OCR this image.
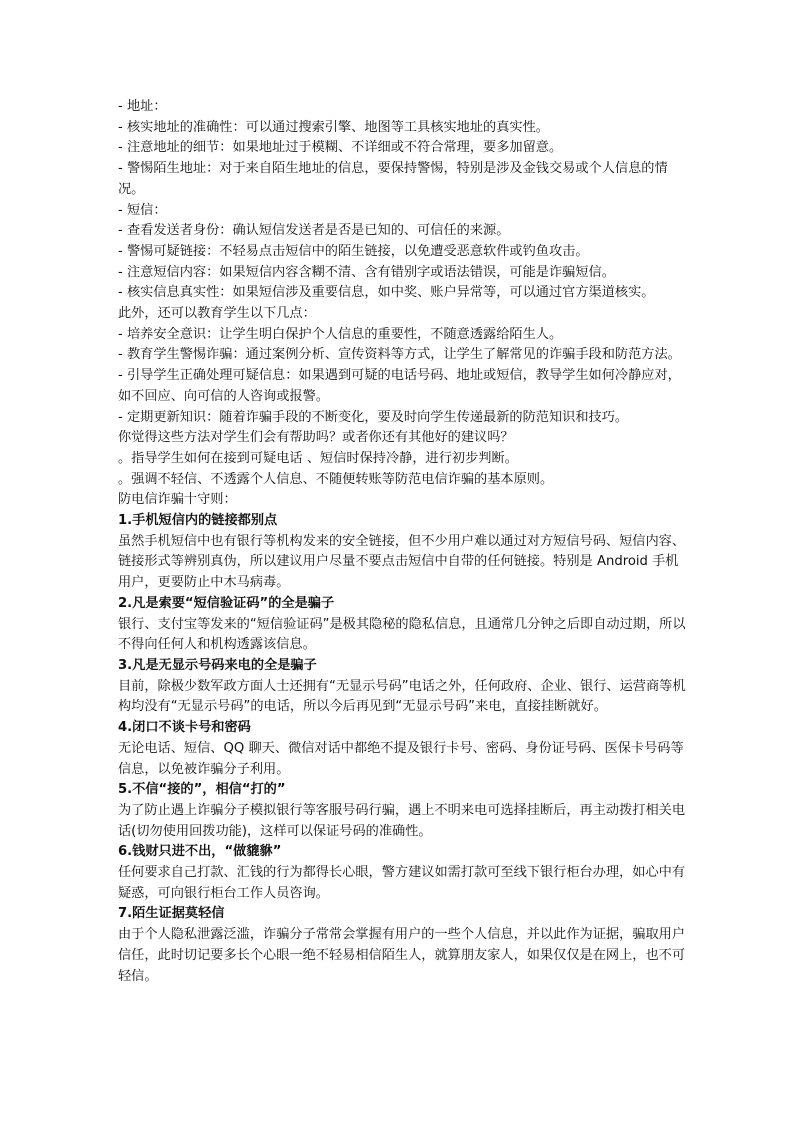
- 地址：

- 核实地址的准确性：可以通过搜索引擎、地图等工具核实地址的真实性。

- 注意地址的细节：如果地址过于模糊、不详细或不符合常理，要多加留意。

- 警惕陌生地址：对于来自陌生地址的信息，要保持警惕，特别是涉及金钱交易或个人信息的情况。

- 短信：

- 查看发送者身份：确认短信发送者是否是已知的、可信任的来源。

- 警惕可疑链接：不轻易点击短信中的陌生链接，以免遭受恶意软件或钓鱼攻击。

- 注意短信内容：如果短信内容含糊不清、含有错别字或语法错误，可能是诈骗短信。

- 核实信息真实性：如果短信涉及重要信息，如中奖、账户异常等，可以通过官方渠道核实。

此外，还可以教育学生以下几点：

- 培养安全意识：让学生明白保护个人信息的重要性，不随意透露给陌生人。

- 教育学生警惕诈骗：通过案例分析、宣传资料等方式，让学生了解常见的诈骗手段和防范方法。

- 引导学生正确处理可疑信息：如果遇到可疑的电话号码、地址或短信，教导学生如何冷静应对，如不回应、向可信的人咨询或报警。

- 定期更新知识：随着诈骗手段的不断变化，要及时向学生传递最新的防范知识和技巧。

你觉得这些方法对学生们会有帮助吗？或者你还有其他好的建议吗？

。指导学生如何在接到可疑电话 、短信时保持冷静，进行初步判断。

。强调不轻信、不透露个人信息、不随便转账等防范电信诈骗的基本原则。

防电信诈骗十守则：

1.手机短信内的链接都别点

虽然手机短信中也有银行等机构发来的安全链接，但不少用户难以通过对方短信号码、短信内容、链接形式等辨别真伪，所以建议用户尽量不要点击短信中自带的任何链接。特别是 Android 手机用户，更要防止中木马病毒。

2.凡是索要“短信验证码”的全是骗子

银行、支付宝等发来的“短信验证码”是极其隐秘的隐私信息，且通常几分钟之后即自动过期，所以不得向任何人和机构透露该信息。

3.凡是无显示号码来电的全是骗子

目前，除极少数军政方面人士还拥有“无显示号码”电话之外，任何政府、企业、银行、运营商等机构均没有“无显示号码”的电话，所以今后再见到“无显示号码”来电，直接挂断就好。

4.闭口不谈卡号和密码

无论电话、短信、QQ 聊天、微信对话中都绝不提及银行卡号、密码、身份证号码、医保卡号码等信息，以免被诈骗分子利用。

5.不信“接的”，相信“打的”

为了防止遇上诈骗分子模拟银行等客服号码行骗，遇上不明来电可选择挂断后，再主动拨打相关电话(切勿使用回拨功能)，这样可以保证号码的准确性。

6.钱财只进不出，“做貔貅”

任何要求自己打款、汇钱的行为都得长心眼，警方建议如需打款可至线下银行柜台办理，如心中有疑惑，可向银行柜台工作人员咨询。

7.陌生证据莫轻信

由于个人隐私泄露泛滥，诈骗分子常常会掌握有用户的一些个人信息，并以此作为证据，骗取用户信任，此时切记要多长个心眼一绝不轻易相信陌生人，就算朋友家人，如果仅仅是在网上，也不可轻信。
